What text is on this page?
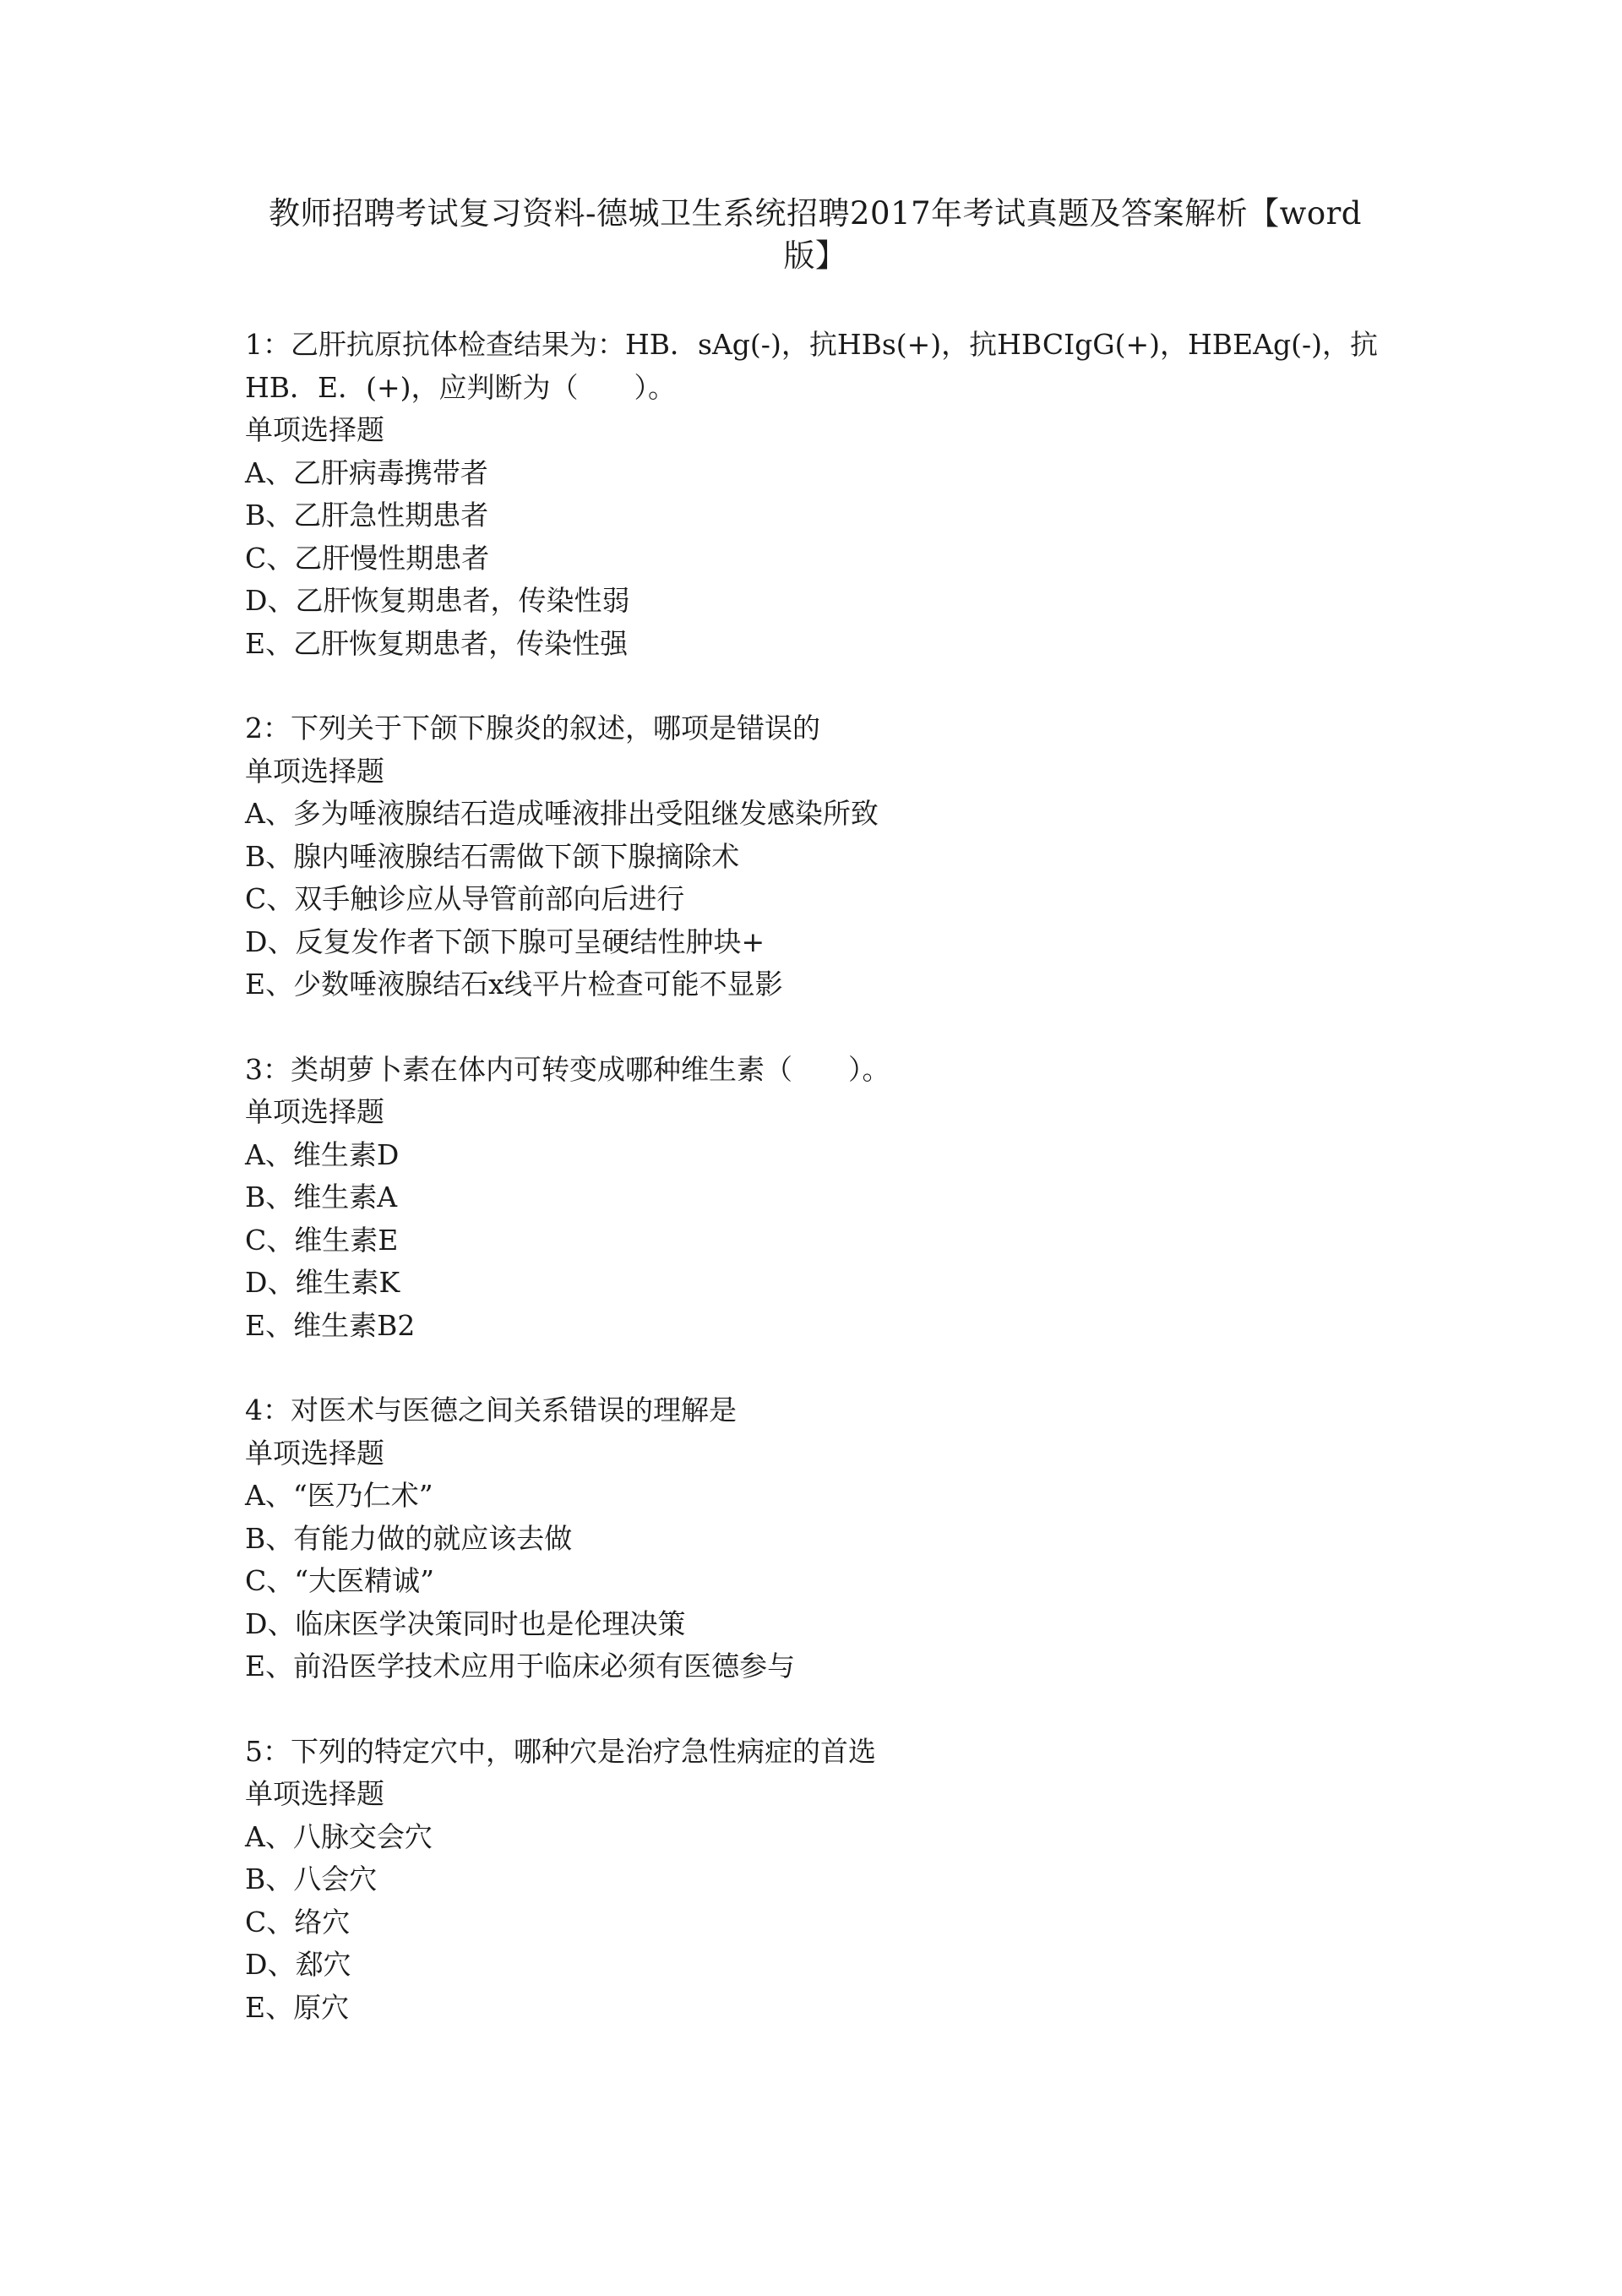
教师招聘考试复习资料-德城卫生系统招聘2017年考试真题及答案解析【word版】
1：乙肝抗原抗体检查结果为：HB．sAg(-)，抗HBs(+)，抗HBCIgG(+)，HBEAg(-)，抗HB．E．(+)，应判断为（　　）。
单项选择题
A、乙肝病毒携带者
B、乙肝急性期患者
C、乙肝慢性期患者
D、乙肝恢复期患者，传染性弱
E、乙肝恢复期患者，传染性强
2：下列关于下颌下腺炎的叙述，哪项是错误的
单项选择题
A、多为唾液腺结石造成唾液排出受阻继发感染所致
B、腺内唾液腺结石需做下颌下腺摘除术
C、双手触诊应从导管前部向后进行
D、反复发作者下颌下腺可呈硬结性肿块+
E、少数唾液腺结石x线平片检查可能不显影
3：类胡萝卜素在体内可转变成哪种维生素（　　）。
单项选择题
A、维生素D
B、维生素A
C、维生素E
D、维生素K
E、维生素B2
4：对医术与医德之间关系错误的理解是
单项选择题
A、“医乃仁术”
B、有能力做的就应该去做
C、“大医精诚”
D、临床医学决策同时也是伦理决策
E、前沿医学技术应用于临床必须有医德参与
5：下列的特定穴中，哪种穴是治疗急性病症的首选
单项选择题
A、八脉交会穴
B、八会穴
C、络穴
D、郄穴
E、原穴
